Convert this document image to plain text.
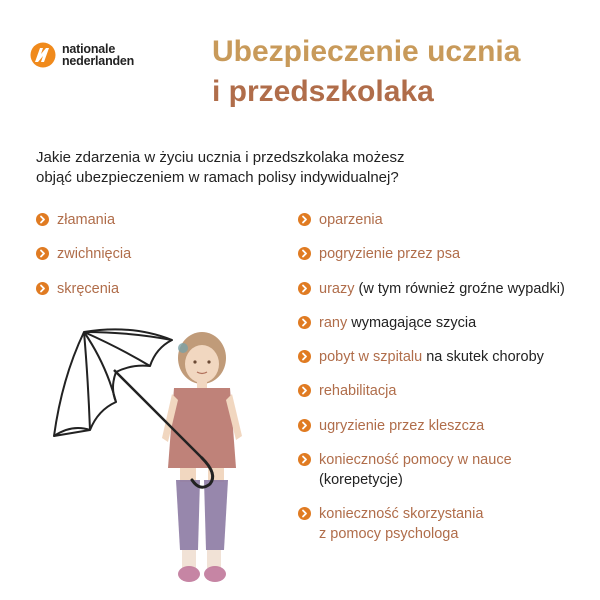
nationale
nederlanden	Ubezpieczenie ucznia
i przedszkolaka
Jakie zdarzenia w życiu ucznia i przedszkolaka możesz
objąć ubezpieczeniem w ramach polisy indywidualnej?
złamania
zwichnięcia
skręcenia
oparzenia
pogryzienie przez psa
urazy (w tym również groźne wypadki)
rany wymagające szycia
pobyt w szpitalu na skutek choroby
rehabilitacja
ugryzienie przez kleszcza
konieczność pomocy w nauce
(korepetycje)
konieczność skorzystania
z pomocy psychologa
